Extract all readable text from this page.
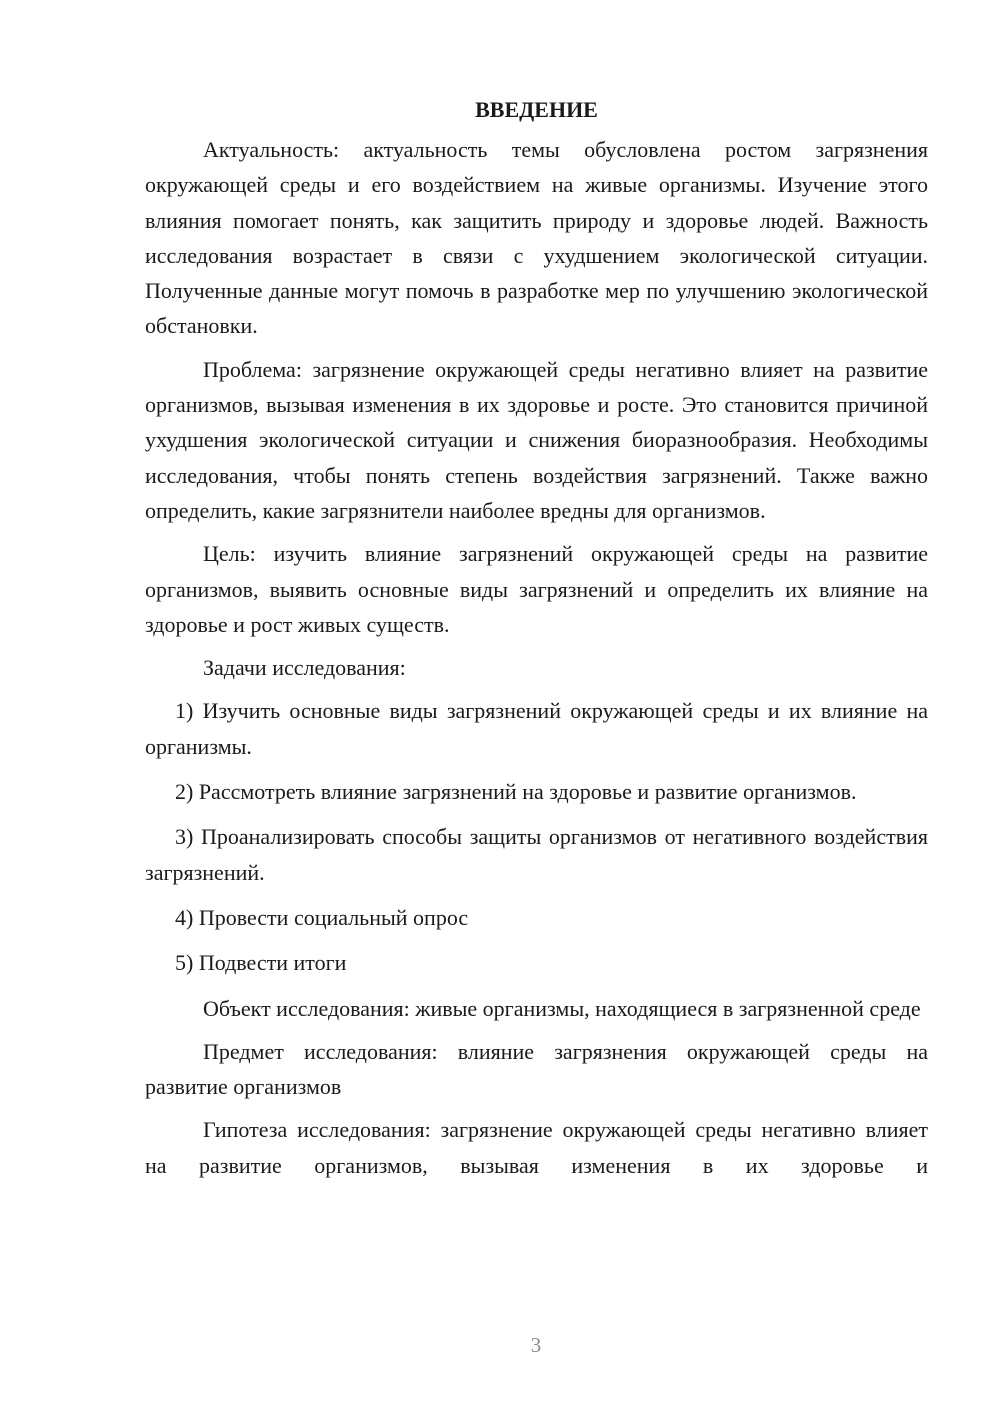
ВВЕДЕНИЕ

Актуальность: актуальность темы обусловлена ростом загрязнения окружающей среды и его воздействием на живые организмы. Изучение этого влияния помогает понять, как защитить природу и здоровье людей. Важность исследования возрастает в связи с ухудшением экологической ситуации. Полученные данные могут помочь в разработке мер по улучшению экологической обстановки.

Проблема: загрязнение окружающей среды негативно влияет на развитие организмов, вызывая изменения в их здоровье и росте. Это становится причиной ухудшения экологической ситуации и снижения биоразнообразия. Необходимы исследования, чтобы понять степень воздействия загрязнений. Также важно определить, какие загрязнители наиболее вредны для организмов.

Цель: изучить влияние загрязнений окружающей среды на развитие организмов, выявить основные виды загрязнений и определить их влияние на здоровье и рост живых существ.

Задачи исследования:

1) Изучить основные виды загрязнений окружающей среды и их влияние на организмы.

2) Рассмотреть влияние загрязнений на здоровье и развитие организмов.

3) Проанализировать способы защиты организмов от негативного воздействия загрязнений.

4) Провести социальный опрос

5) Подвести итоги

Объект исследования: живые организмы, находящиеся в загрязненной среде

Предмет исследования: влияние загрязнения окружающей среды на развитие организмов

Гипотеза исследования: загрязнение окружающей среды негативно влияет на развитие организмов, вызывая изменения в их здоровье и

3
